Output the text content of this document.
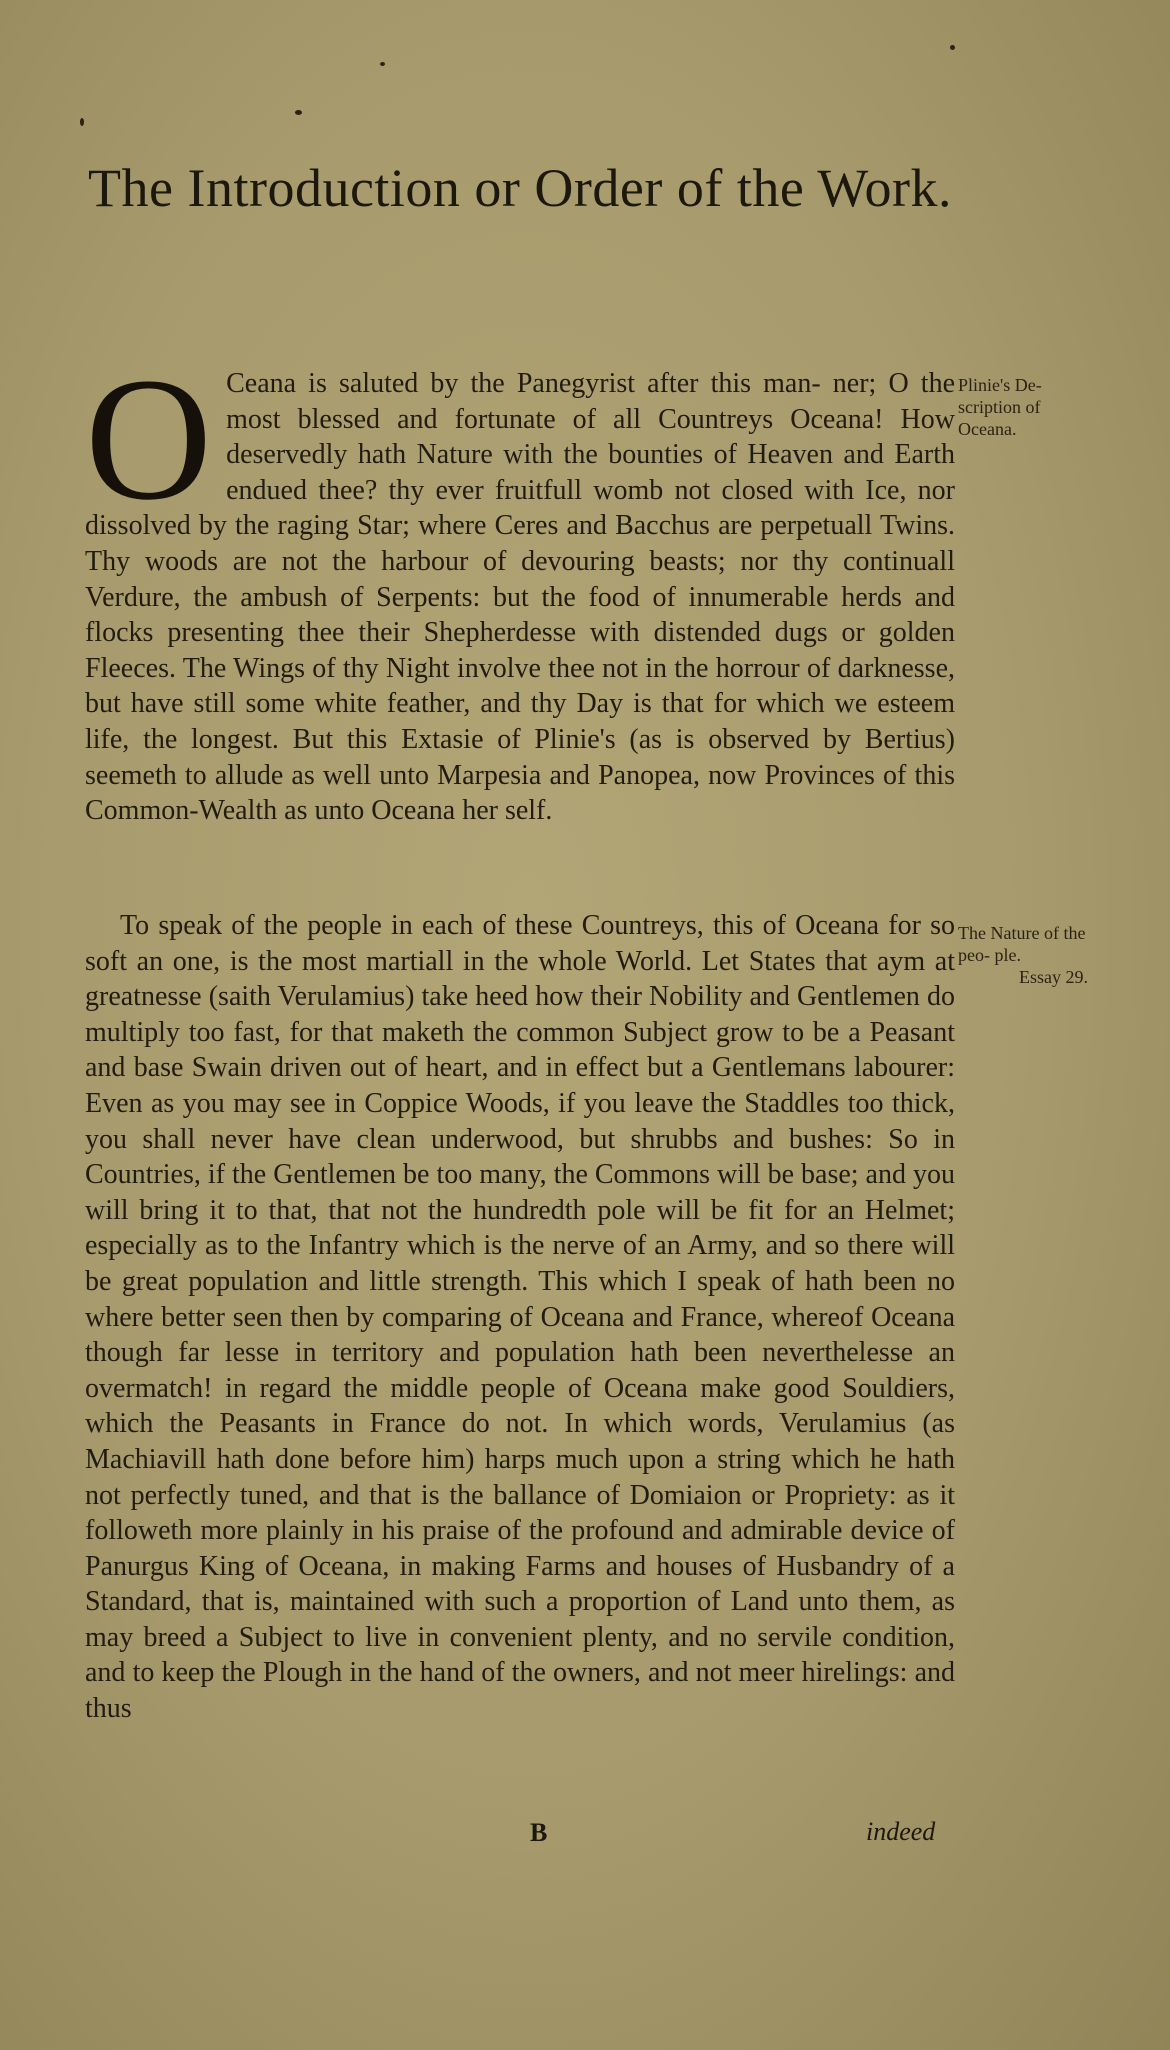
The Introduction or Order of the Work.
O Ceana is saluted by the Panegyrist after this man- ner; O the most blessed and fortunate of all Countreys Oceana! How deservedly hath Nature with the bounties of Heaven and Earth endued thee? thy ever fruitfull womb not closed with Ice, nor dissolved by the raging Star; where Ceres and Bacchus are perpetuall Twins. Thy woods are not the harbour of devouring beasts; nor thy continuall Verdure, the ambush of Serpents: but the food of innumerable herds and flocks presenting thee their Shepherdesse with distended dugs or golden Fleeces. The Wings of thy Night involve thee not in the horrour of darknesse, but have still some white feather, and thy Day is that for which we esteem life, the longest. But this Extasie of Plinie's (as is observed by Bertius) seemeth to allude as well unto Marpesia and Panopea, now Provinces of this Common-Wealth as unto Oceana her self.

Plinie's De- scription of Oceana.

To speak of the people in each of these Countreys, this of Oceana for so soft an one, is the most martiall in the whole World. Let States that aym at greatnesse (saith Verulamius) take heed how their Nobility and Gentlemen do multiply too fast, for that maketh the common Subject grow to be a Peasant and base Swain driven out of heart, and in effect but a Gentlemans labourer: Even as you may see in Coppice Woods, if you leave the Staddles too thick, you shall never have clean underwood, but shrubbs and bushes: So in Countries, if the Gentlemen be too many, the Commons will be base; and you will bring it to that, that not the hundredth pole will be fit for an Helmet; especially as to the Infantry which is the nerve of an Army, and so there will be great population and little strength. This which I speak of hath been no where better seen then by comparing of Oceana and France, whereof Oceana though far lesse in territory and population hath been neverthelesse an overmatch! in regard the middle people of Oceana make good Souldiers, which the Peasants in France do not. In which words, Verulamius (as Machiavill hath done before him) harps much upon a string which he hath not perfectly tuned, and that is the ballance of Domiaion or Propriety: as it followeth more plainly in his praise of the profound and admirable device of Panurgus King of Oceana, in making Farms and houses of Husbandry of a Standard, that is, maintained with such a proportion of Land unto them, as may breed a Subject to live in convenient plenty, and no servile condition, and to keep the Plough in the hand of the owners, and not meer hirelings: and thus

The Nature of the peo- ple.
Essay 29.
B	indeed
